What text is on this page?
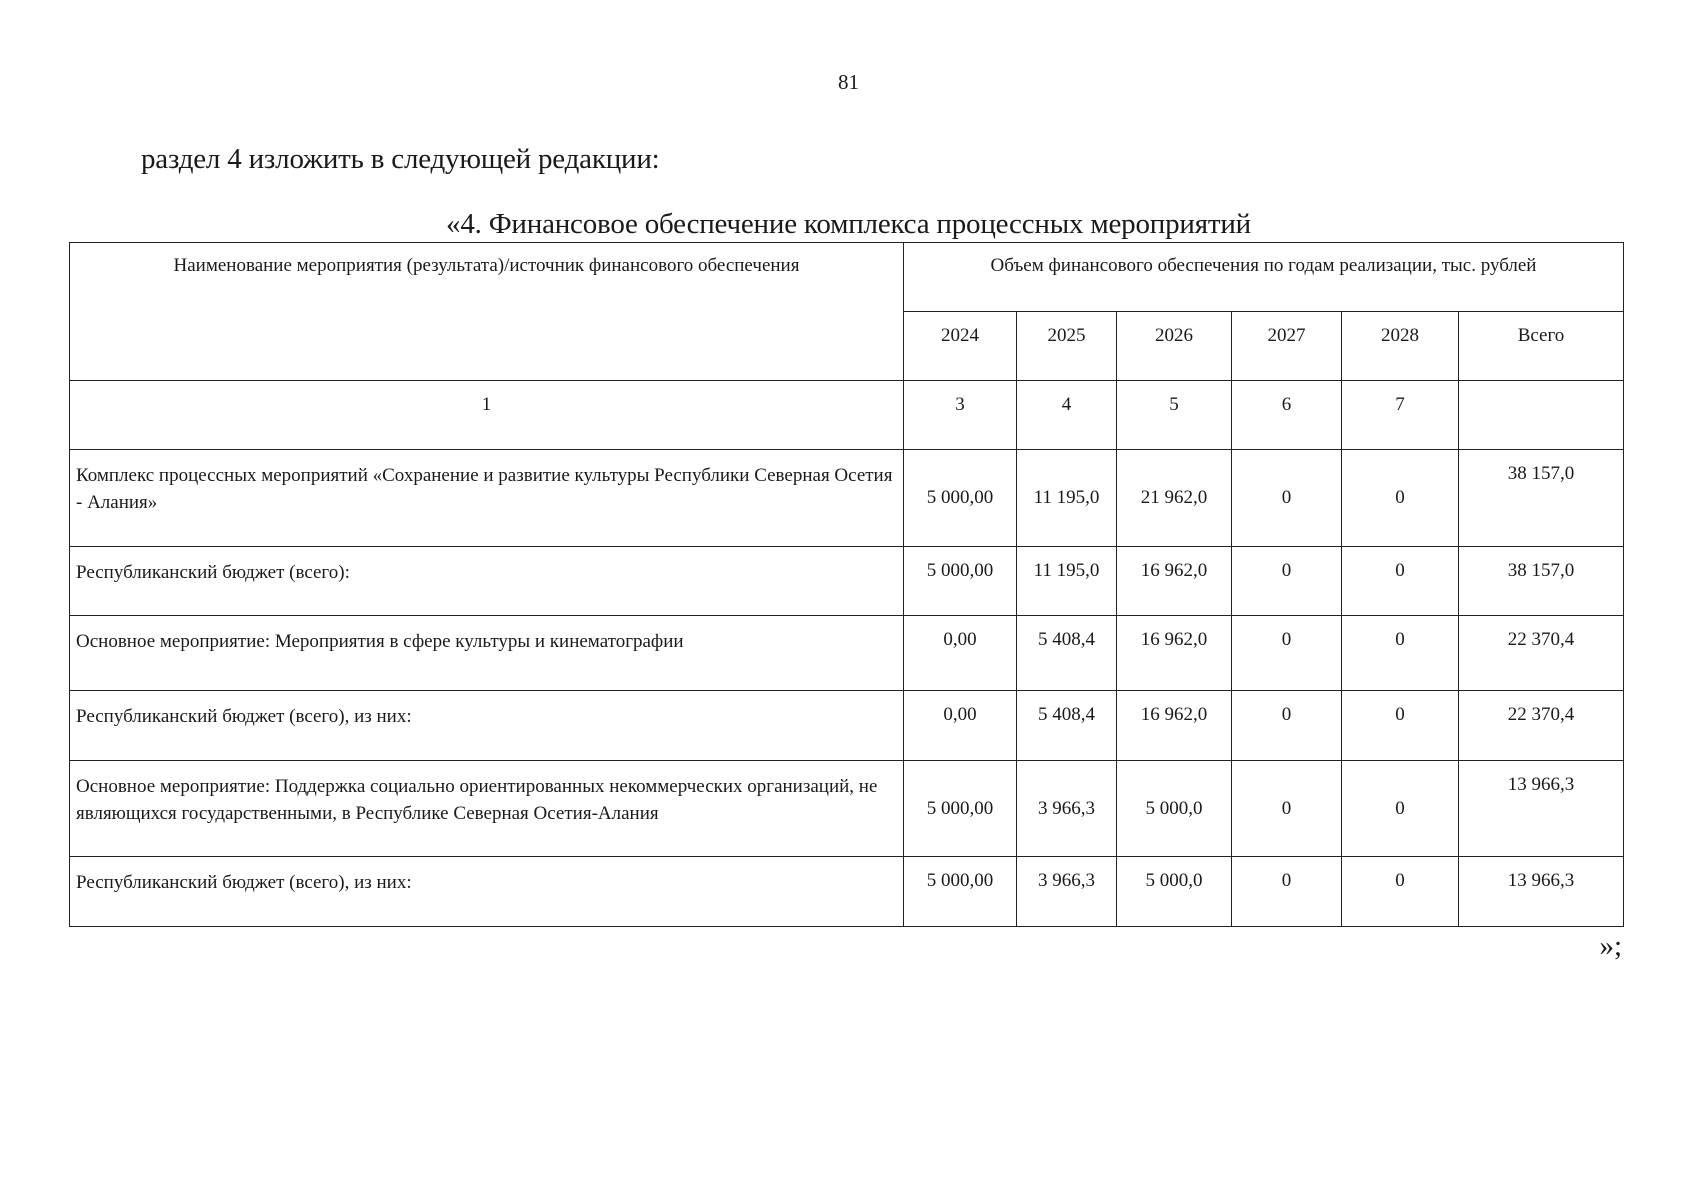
81
раздел 4 изложить в следующей редакции:
«4. Финансовое обеспечение комплекса процессных мероприятий
Наименование мероприятия (результата)/источник финансового обеспечения	Объем финансового обеспечения по годам реализации, тыс. рублей					
	2024	2025	2026	2027	2028	Всего
1	3	4	5	6	7	
Комплекс процессных мероприятий «Сохранение и развитие культуры Республики Северная Осетия - Алания»	5 000,00	11 195,0	21 962,0	0	0	38 157,0
Республиканский бюджет (всего):	5 000,00	11 195,0	16 962,0	0	0	38 157,0
Основное мероприятие: Мероприятия в сфере культуры и кинематографии	0,00	5 408,4	16 962,0	0	0	22 370,4
Республиканский бюджет (всего), из них:	0,00	5 408,4	16 962,0	0	0	22 370,4
Основное мероприятие: Поддержка социально ориентированных некоммерческих организаций, не являющихся государственными, в Республике Северная Осетия-Алания	5 000,00	3 966,3	5 000,0	0	0	13 966,3
Республиканский бюджет (всего), из них:	5 000,00	3 966,3	5 000,0	0	0	13 966,3
»;
